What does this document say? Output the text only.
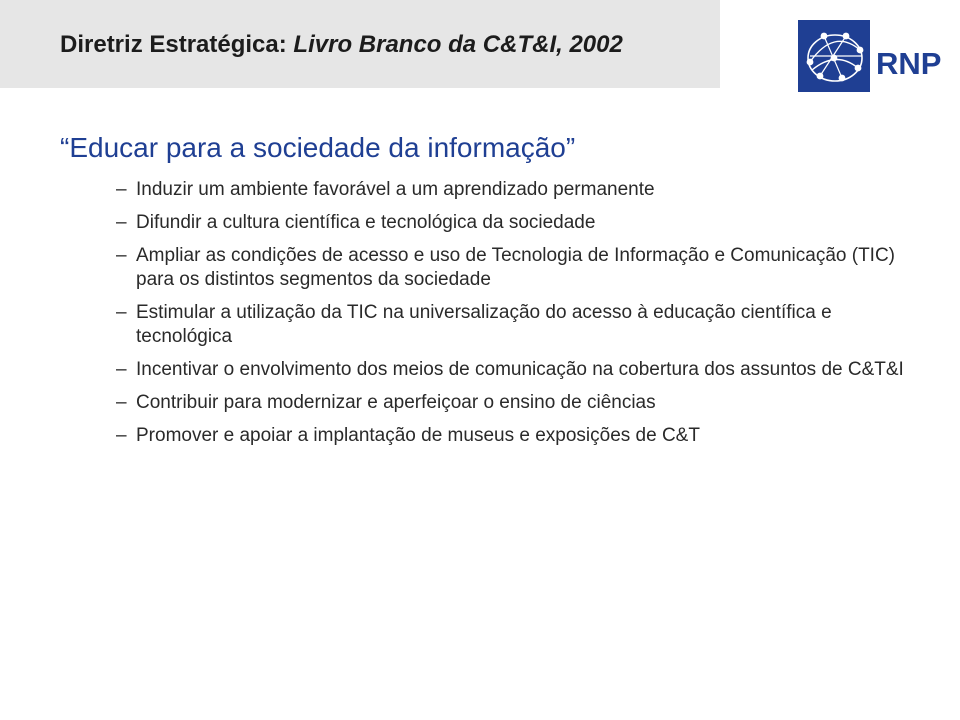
Diretriz Estratégica: Livro Branco da C&T&I, 2002
RNP
“Educar para a sociedade da informação”
– Induzir um ambiente favorável a um aprendizado permanente
– Difundir a cultura científica e tecnológica da sociedade
– Ampliar as condições de acesso e uso de Tecnologia de Informação e Comunicação (TIC) para os distintos segmentos da sociedade
– Estimular a utilização da TIC na universalização do acesso à educação científica e tecnológica
– Incentivar o envolvimento dos meios de comunicação na cobertura dos assuntos de C&T&I
– Contribuir para modernizar e aperfeiçoar o ensino de ciências
– Promover e apoiar a implantação de museus e exposições de C&T
